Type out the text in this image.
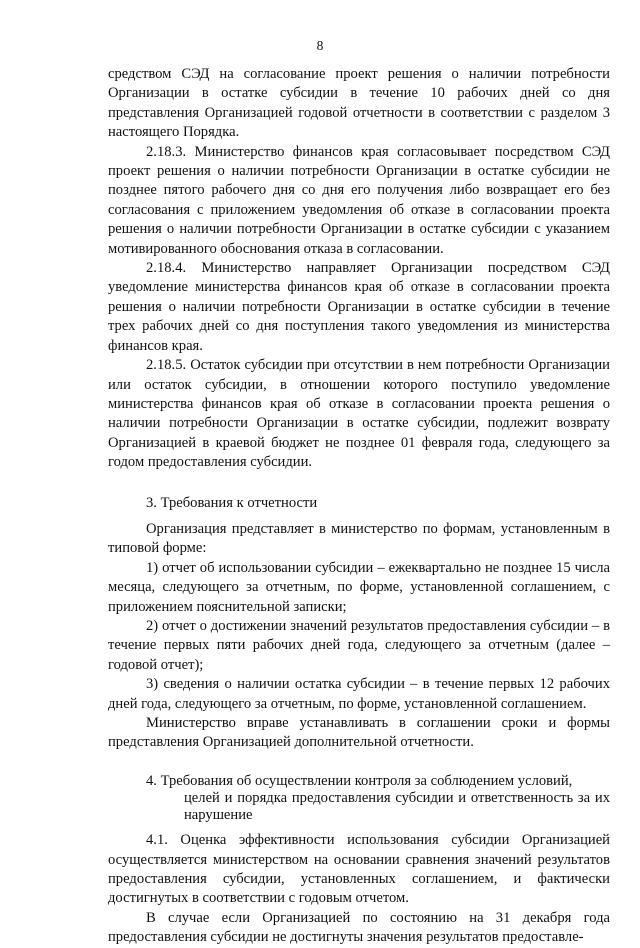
8

средством СЭД на согласование проект решения о наличии потребности Организации в остатке субсидии в течение 10 рабочих дней со дня представления Организацией годовой отчетности в соответствии с разделом 3 настоящего Порядка.

2.18.3. Министерство финансов края согласовывает посредством СЭД проект решения о наличии потребности Организации в остатке субсидии не позднее пятого рабочего дня со дня его получения либо возвращает его без согласования с приложением уведомления об отказе в согласовании проекта решения о наличии потребности Организации в остатке субсидии с указанием мотивированного обоснования отказа в согласовании.

2.18.4. Министерство направляет Организации посредством СЭД уведомление министерства финансов края об отказе в согласовании проекта решения о наличии потребности Организации в остатке субсидии в течение трех рабочих дней со дня поступления такого уведомления из министерства финансов края.

2.18.5. Остаток субсидии при отсутствии в нем потребности Организации или остаток субсидии, в отношении которого поступило уведомление министерства финансов края об отказе в согласовании проекта решения о наличии потребности Организации в остатке субсидии, подлежит возврату Организацией в краевой бюджет не позднее 01 февраля года, следующего за годом предоставления субсидии.

3. Требования к отчетности

Организация представляет в министерство по формам, установленным в типовой форме:

1) отчет об использовании субсидии – ежеквартально не позднее 15 числа месяца, следующего за отчетным, по форме, установленной соглашением, с приложением пояснительной записки;

2) отчет о достижении значений результатов предоставления субсидии – в течение первых пяти рабочих дней года, следующего за отчетным (далее – годовой отчет);

3) сведения о наличии остатка субсидии – в течение первых 12 рабочих дней года, следующего за отчетным, по форме, установленной соглашением.

Министерство вправе устанавливать в соглашении сроки и формы представления Организацией дополнительной отчетности.

4. Требования об осуществлении контроля за соблюдением условий,
целей и порядка предоставления субсидии и ответственность за их нарушение

4.1. Оценка эффективности использования субсидии Организацией осуществляется министерством на основании сравнения значений результатов предоставления субсидии, установленных соглашением, и фактически достигнутых в соответствии с годовым отчетом.

В случае если Организацией по состоянию на 31 декабря года предоставления субсидии не достигнуты значения результатов предоставле-
